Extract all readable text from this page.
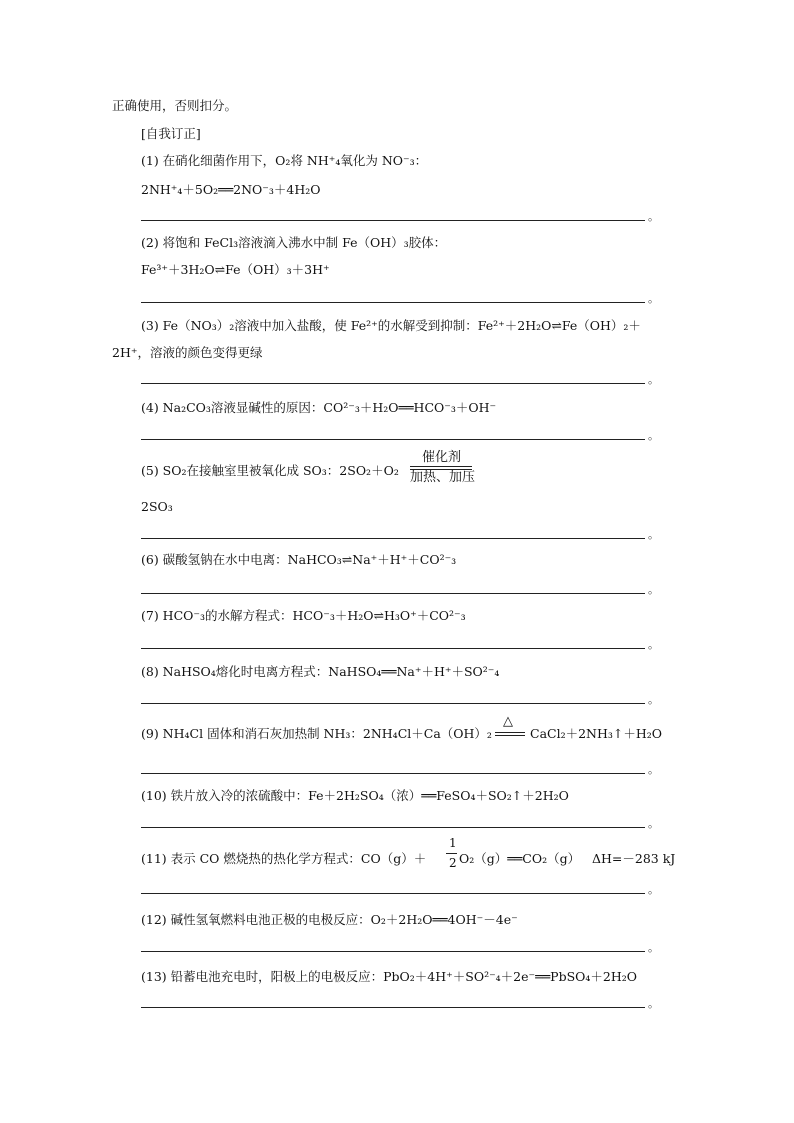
正确使用，否则扣分。
[自我订正]
(1) 在硝化细菌作用下，O₂将 NH⁺₄氧化为 NO⁻₃：
2NH⁺₄＋5O₂══2NO⁻₃＋4H₂O
。
(2) 将饱和 FeCl₃溶液滴入沸水中制 Fe（OH）₃胶体：
Fe³⁺＋3H₂O⇌Fe（OH）₃＋3H⁺
。
(3) Fe（NO₃）₂溶液中加入盐酸，使 Fe²⁺的水解受到抑制：Fe²⁺＋2H₂O⇌Fe（OH）₂＋
2H⁺，溶液的颜色变得更绿
。
(4) Na₂CO₃溶液显碱性的原因：CO²⁻₃＋H₂O══HCO⁻₃＋OH⁻
。
(5) SO₂在接触室里被氧化成 SO₃：2SO₂＋O₂
催化剂
加热、加压
2SO₃
。
(6) 碳酸氢钠在水中电离：NaHCO₃⇌Na⁺＋H⁺＋CO²⁻₃
。
(7) HCO⁻₃的水解方程式：HCO⁻₃＋H₂O⇌H₃O⁺＋CO²⁻₃
。
(8) NaHSO₄熔化时电离方程式：NaHSO₄══Na⁺＋H⁺＋SO²⁻₄
。
(9) NH₄Cl 固体和消石灰加热制 NH₃：2NH₄Cl＋Ca（OH）₂
△
CaCl₂＋2NH₃↑＋H₂O
。
(10) 铁片放入冷的浓硫酸中：Fe＋2H₂SO₄（浓）══FeSO₄＋SO₂↑＋2H₂O
。
(11) 表示 CO 燃烧热的热化学方程式：CO（g）＋
1
2 O₂（g）══CO₂（g） ΔH=－283 kJ
。
(12) 碱性氢氧燃料电池正极的电极反应：O₂＋2H₂O══4OH⁻－4e⁻
。
(13) 铅蓄电池充电时，阳极上的电极反应：PbO₂＋4H⁺＋SO²⁻₄＋2e⁻══PbSO₄＋2H₂O
。
